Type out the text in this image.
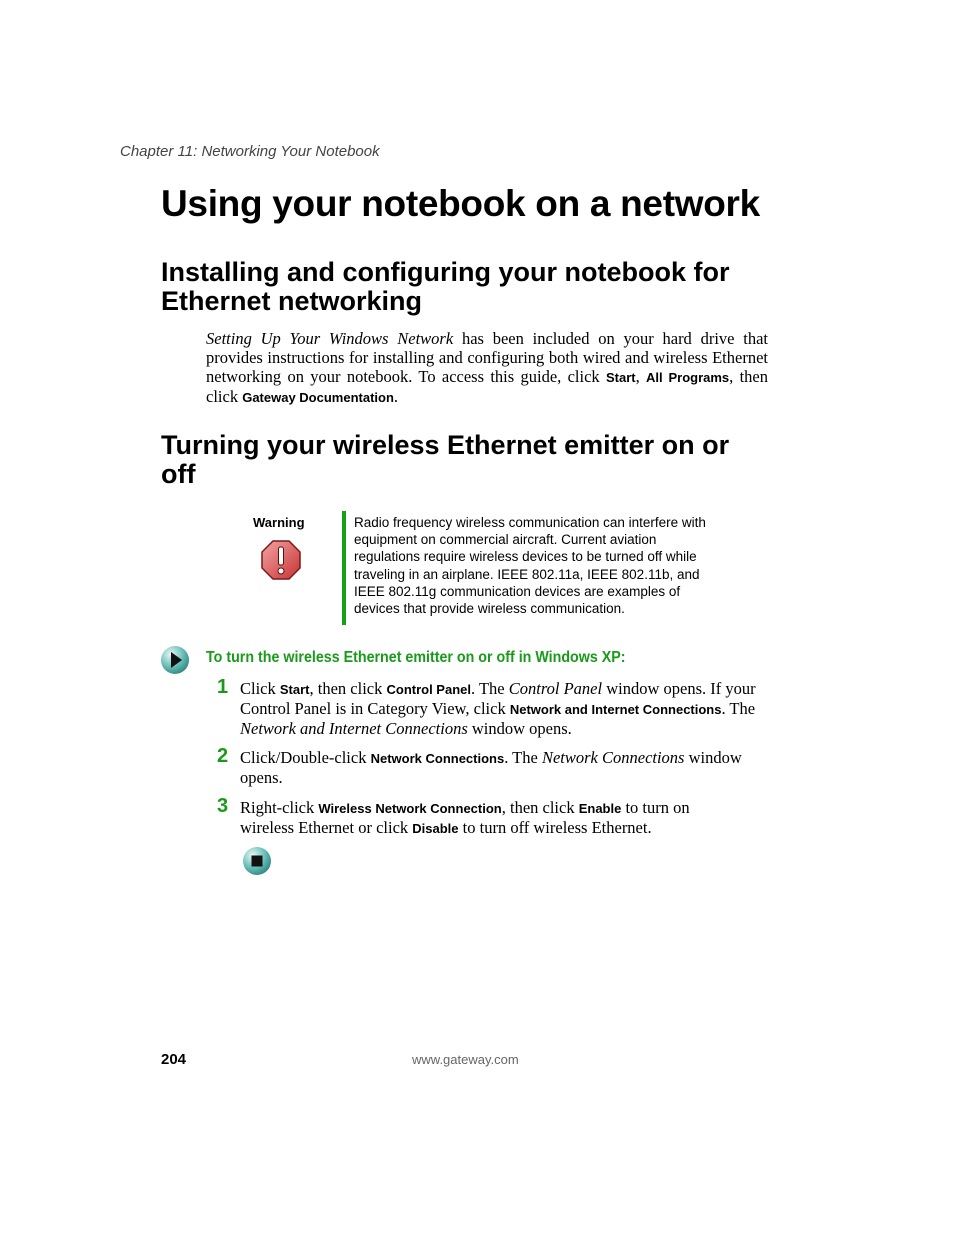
Chapter 11: Networking Your Notebook
Using your notebook on a network
Installing and configuring your notebook for
Ethernet networking

Setting Up Your Windows Network has been included on your hard drive that provides instructions for installing and configuring both wired and wireless Ethernet networking on your notebook. To access this guide, click Start, All Programs, then click Gateway Documentation.

Turning your wireless Ethernet emitter on or
off
Warning	Radio frequency wireless communication can interfere with equipment on commercial aircraft. Current aviation regulations require wireless devices to be turned off while traveling in an airplane. IEEE 802.11a, IEEE 802.11b, and IEEE 802.11g communication devices are examples of devices that provide wireless communication.

To turn the wireless Ethernet emitter on or off in Windows XP:
1 Click Start, then click Control Panel. The Control Panel window opens. If your Control Panel is in Category View, click Network and Internet Connections. The Network and Internet Connections window opens.

2 Click/Double-click Network Connections. The Network Connections window opens.

3 Right-click Wireless Network Connection, then click Enable to turn on wireless Ethernet or click Disable to turn off wireless Ethernet.

204	www.gateway.com
